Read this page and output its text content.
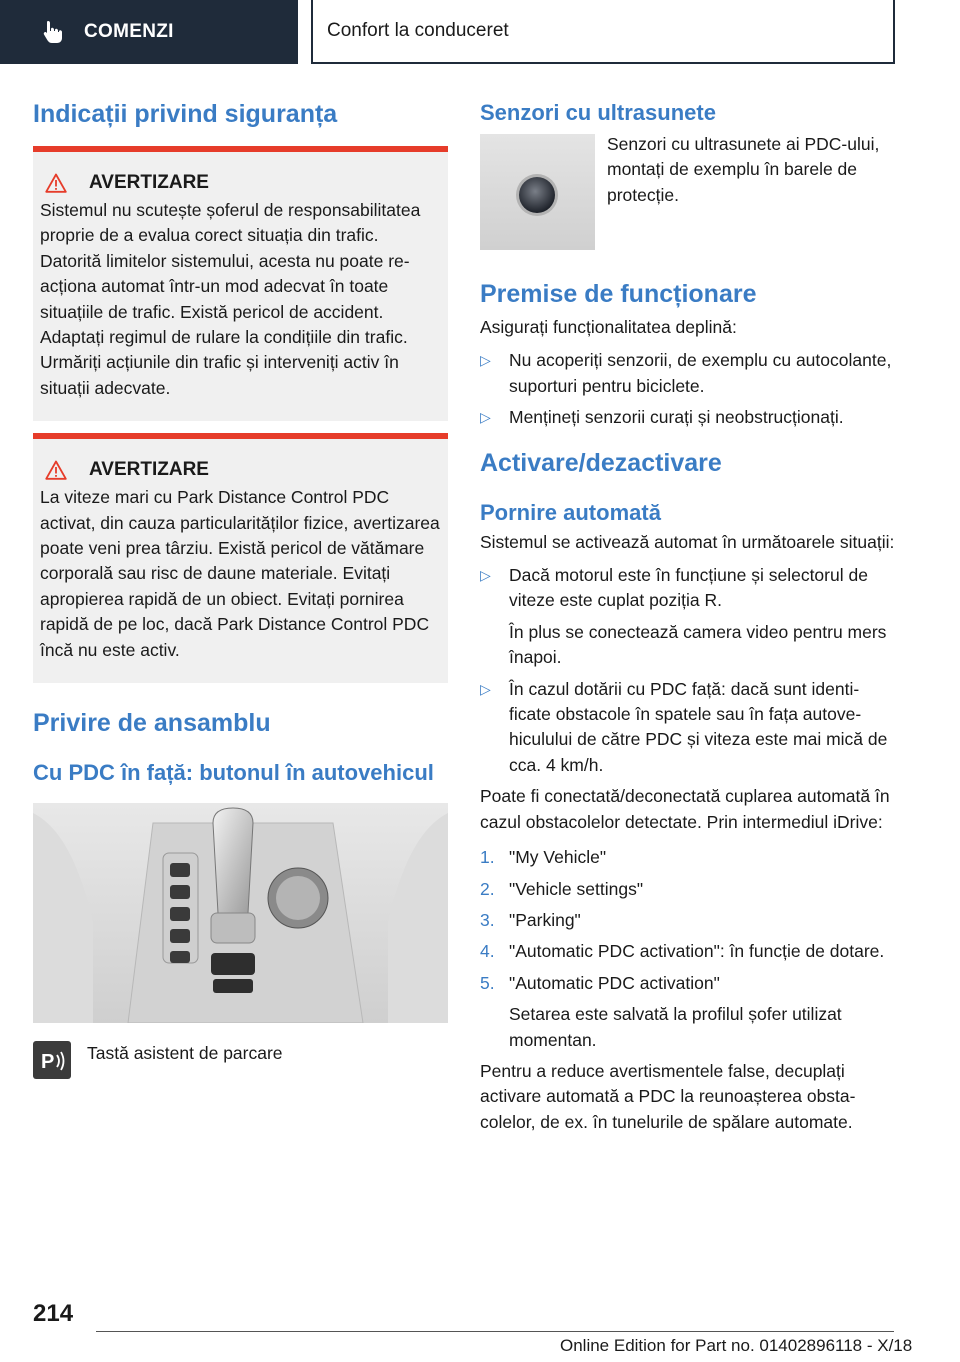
COMENZI	Confort la conduceret
Indicații privind siguranța
AVERTIZARE

Sistemul nu scutește șoferul de responsabilitatea proprie de a evalua corect situația din trafic. Datorită limitelor sistemului, acesta nu poate reacționa automat într-un mod adecvat în toate situațiile de trafic. Există pericol de accident. Adaptați regimul de rulare la condițiile din trafic. Urmăriți acțiunile din trafic și interveniți activ în situații adecvate.

AVERTIZARE

La viteze mari cu Park Distance Control PDC activat, din cauza particularităților fizice, avertizarea poate veni prea târziu. Există pericol de vătămare corporală sau risc de daune materiale. Evitați apropierea rapidă de un obiect. Evitați pornirea rapidă de pe loc, dacă Park Distance Control PDC încă nu este activ.

Privire de ansamblu
Cu PDC în față: butonul în autovehicul
P Tastă asistent de parcare

Senzori cu ultrasunete

Senzori cu ultrasunete ai PDC-ului, montați de exemplu în barele de protecție.

Premise de funcționare

Asigurați funcționalitatea deplină:

▷ Nu acoperiți senzorii, de exemplu cu autocolante, suporturi pentru biciclete.
▷ Mențineți senzorii curați și neobstrucționați.
Activare/dezactivare
Pornire automată

Sistemul se activează automat în următoarele situații:

▷ Dacă motorul este în funcțiune și selectorul de viteze este cuplat poziția R.
În plus se conectează camera video pentru mers înapoi.
▷ În cazul dotării cu PDC față: dacă sunt identificate obstacole în spatele sau în fața autovehiculului de către PDC și viteza este mai mică de cca. 4 km/h.

Poate fi conectată/deconectată cuplarea automată în cazul obstacolelor detectate. Prin intermediul iDrive:

1. "My Vehicle"
2. "Vehicle settings"
3. "Parking"
4. "Automatic PDC activation": în funcție de dotare.
5. "Automatic PDC activation"
Setarea este salvată la profilul șofer utilizat momentan.

Pentru a reduce avertismentele false, decuplați activare automată a PDC la reunoașterea obstacolelor, de ex. în tunelurile de spălare automate.

214
Online Edition for Part no. 01402896118 - X/18
